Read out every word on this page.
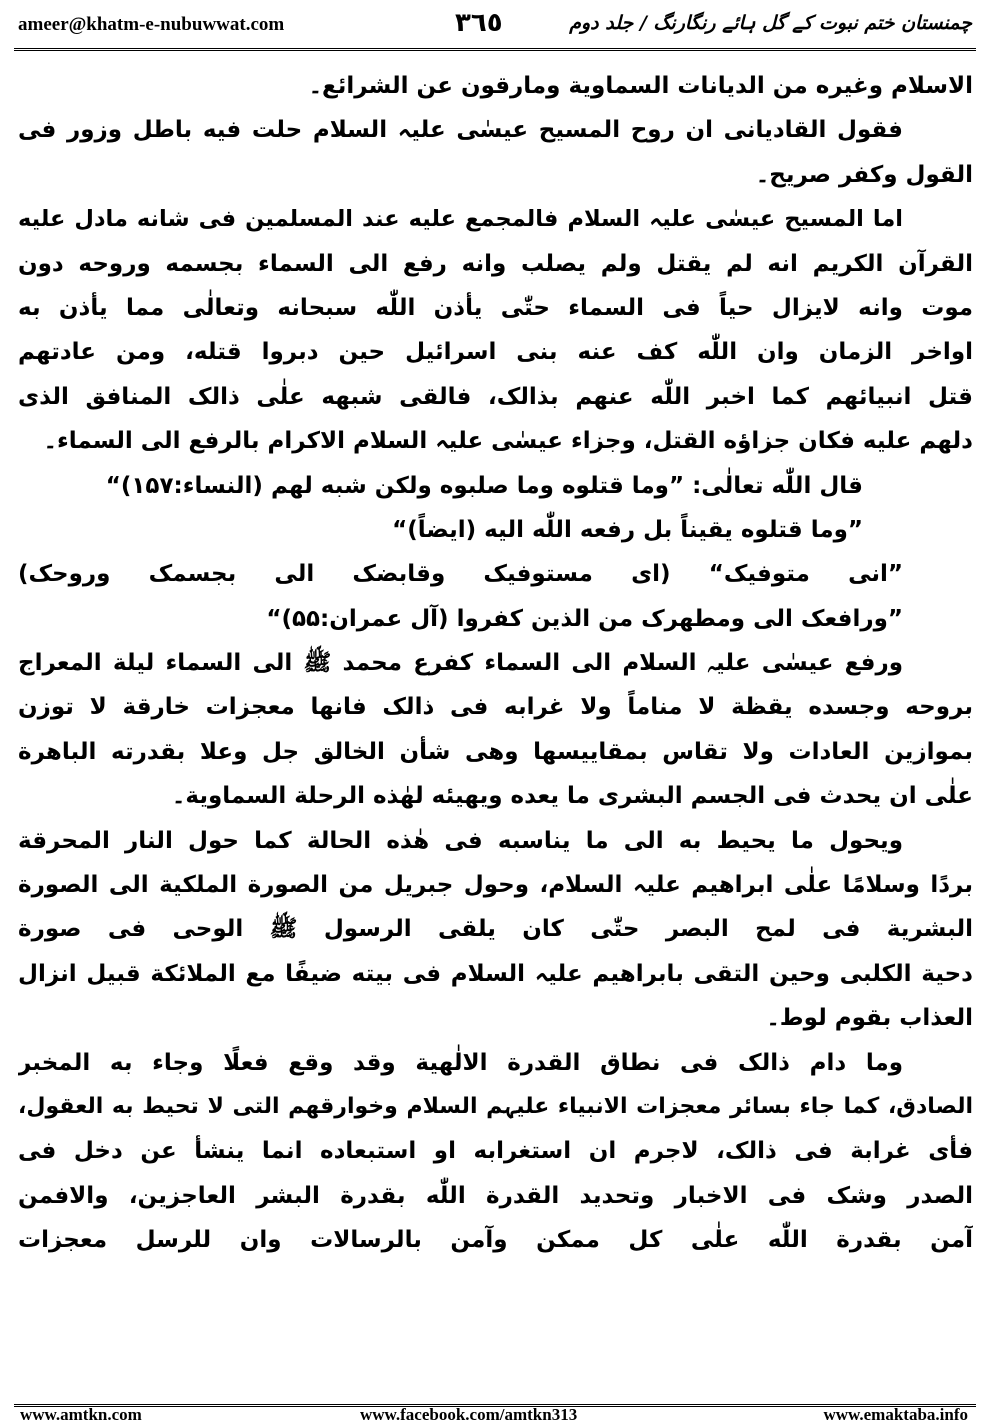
ameer@khatm-e-nubuwwat.com	٣٦٥	چمنستان ختم نبوت کے گل ہائے رنگارنگ / جلد دوم
الاسلام وغیره من الدیانات السماویة ومارقون عن الشرائع۔
فقول القادیانی ان روح المسیح عیسٰی علیہ السلام حلت فیه باطل وزور فی
القول وکفر صریح۔
اما المسیح عیسٰی علیہ السلام فالمجمع علیه عند المسلمین فی شانه مادل علیه
القرآن الکریم انه لم یقتل ولم یصلب وانه رفع الی السماء بجسمه وروحه دون
موت وانه لایزال حیاً فی السماء حتّٰی یأذن اللّٰه سبحانه وتعالٰی مما یأذن به
اواخر الزمان وان اللّٰه کف عنه بنی اسرائیل حین دبروا قتله، ومن عادتهم
قتل انبیائهم کما اخبر اللّٰه عنهم بذالک، فالقی شبهه علٰی ذالک المنافق الذی
دلهم علیه فکان جزاؤه القتل، وجزاء عیسٰی علیہ السلام الاکرام بالرفع الی السماء۔
قال اللّٰه تعالٰی: ”وما قتلوه وما صلبوه ولکن شبه لهم (النساء:۱۵۷)“
”وما قتلوه یقیناً بل رفعه اللّٰه الیه (ایضاً)“
”انی متوفیک“ (ای مستوفیک وقابضک الی بجسمک وروحک)
”ورافعک الی ومطهرک من الذین کفروا (آل عمران:۵۵)“
ورفع عیسٰی علیہ السلام الی السماء کفرع محمد ﷺ الی السماء لیلة المعراج
بروحه وجسده یقظة لا مناماً ولا غرابه فی ذالک فانها معجزات خارقة لا توزن
بموازین العادات ولا تقاس بمقاییسها وهی شأن الخالق جل وعلا بقدرته الباهرة
علٰی ان یحدث فی الجسم البشری ما یعده ویهیئه لهٰذه الرحلة السماویة۔
ویحول ما یحیط به الی ما یناسبه فی هٰذه الحالة کما حول النار المحرقة
بردًا وسلامًا علٰی ابراهیم علیہ السلام، وحول جبریل من الصورة الملکیة الی الصورة
البشریة فی لمح البصر حتّٰی کان یلقی الرسول ﷺ الوحی فی صورة
دحیة الکلبی وحین التقی بابراهیم علیہ السلام فی بیته ضیفًا مع الملائکة قبیل انزال
العذاب بقوم لوط۔
وما دام ذالک فی نطاق القدرة الالٰهیة وقد وقع فعلًا وجاء به المخبر
الصادق، کما جاء بسائر معجزات الانبیاء علیہم السلام وخوارقهم التی لا تحیط به العقول،
فأی غرابة فی ذالک، لاجرم ان استغرابه او استبعاده انما ینشأ عن دخل فی
الصدر وشک فی الاخبار وتحدید القدرة اللّٰه بقدرة البشر العاجزین، والافمن
آمن بقدرة اللّٰه علٰی کل ممکن وآمن بالرسالات وان للرسل معجزات
www.amtkn.com	www.facebook.com/amtkn313	www.emaktaba.info
